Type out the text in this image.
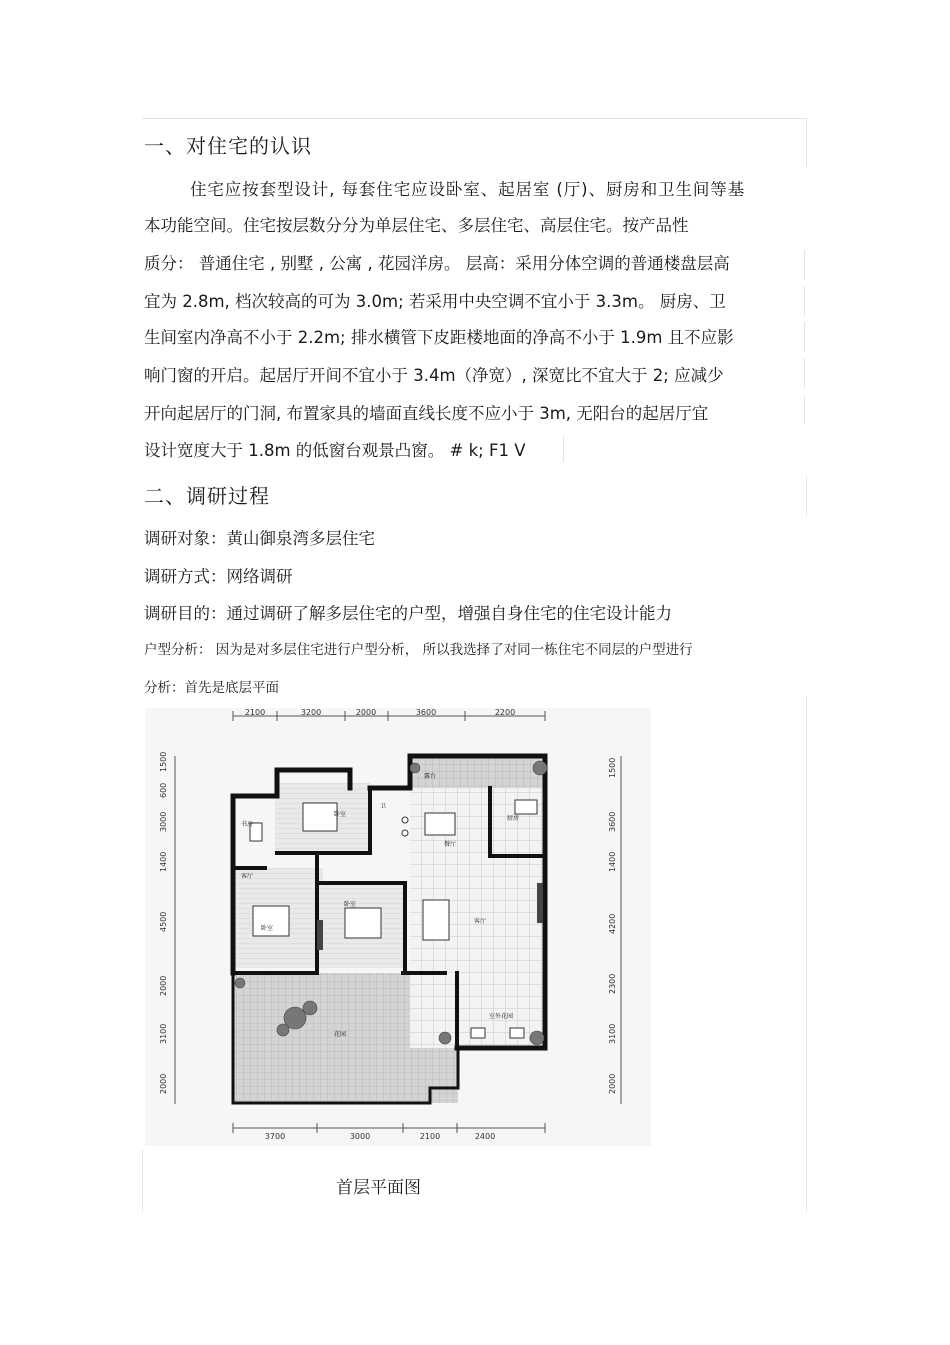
一、对住宅的认识
住宅应按套型设计, 每套住宅应设卧室、起居室 (厅)、厨房和卫生间等基
本功能空间。住宅按层数分分为单层住宅、多层住宅、高层住宅。按产品性
质分： 普通住宅 , 别墅 , 公寓 , 花园洋房。 层高：采用分体空调的普通楼盘层高
宜为 2.8m, 档次较高的可为 3.0m; 若采用中央空调不宜小于 3.3m。 厨房、卫
生间室内净高不小于 2.2m; 排水横管下皮距楼地面的净高不小于 1.9m 且不应影
响门窗的开启。起居厅开间不宜小于 3.4m（净宽）, 深宽比不宜大于 2; 应减少
开向起居厅的门洞, 布置家具的墙面直线长度不应小于 3m, 无阳台的起居厅宜
设计宽度大于 1.8m 的低窗台观景凸窗。 # k; F1 V
二、调研过程
调研对象：黄山御泉湾多层住宅
调研方式：网络调研
调研目的：通过调研了解多层住宅的户型，增强自身住宅的住宅设计能力
户型分析： 因为是对多层住宅进行户型分析， 所以我选择了对同一栋住宅不同层的户型进行
分析：首先是底层平面
2100	3200	2000	3600	2200
3700	3000	2100	2400
1500
600
3000
1400
4500
2000
3100
2000
1500
3600
1400
4200
2300
3100
2000
露台
卧室
书房
卫
餐厅
厨房
客厅
卧室
卧室
客厅
花园
室外花园
首层平面图
